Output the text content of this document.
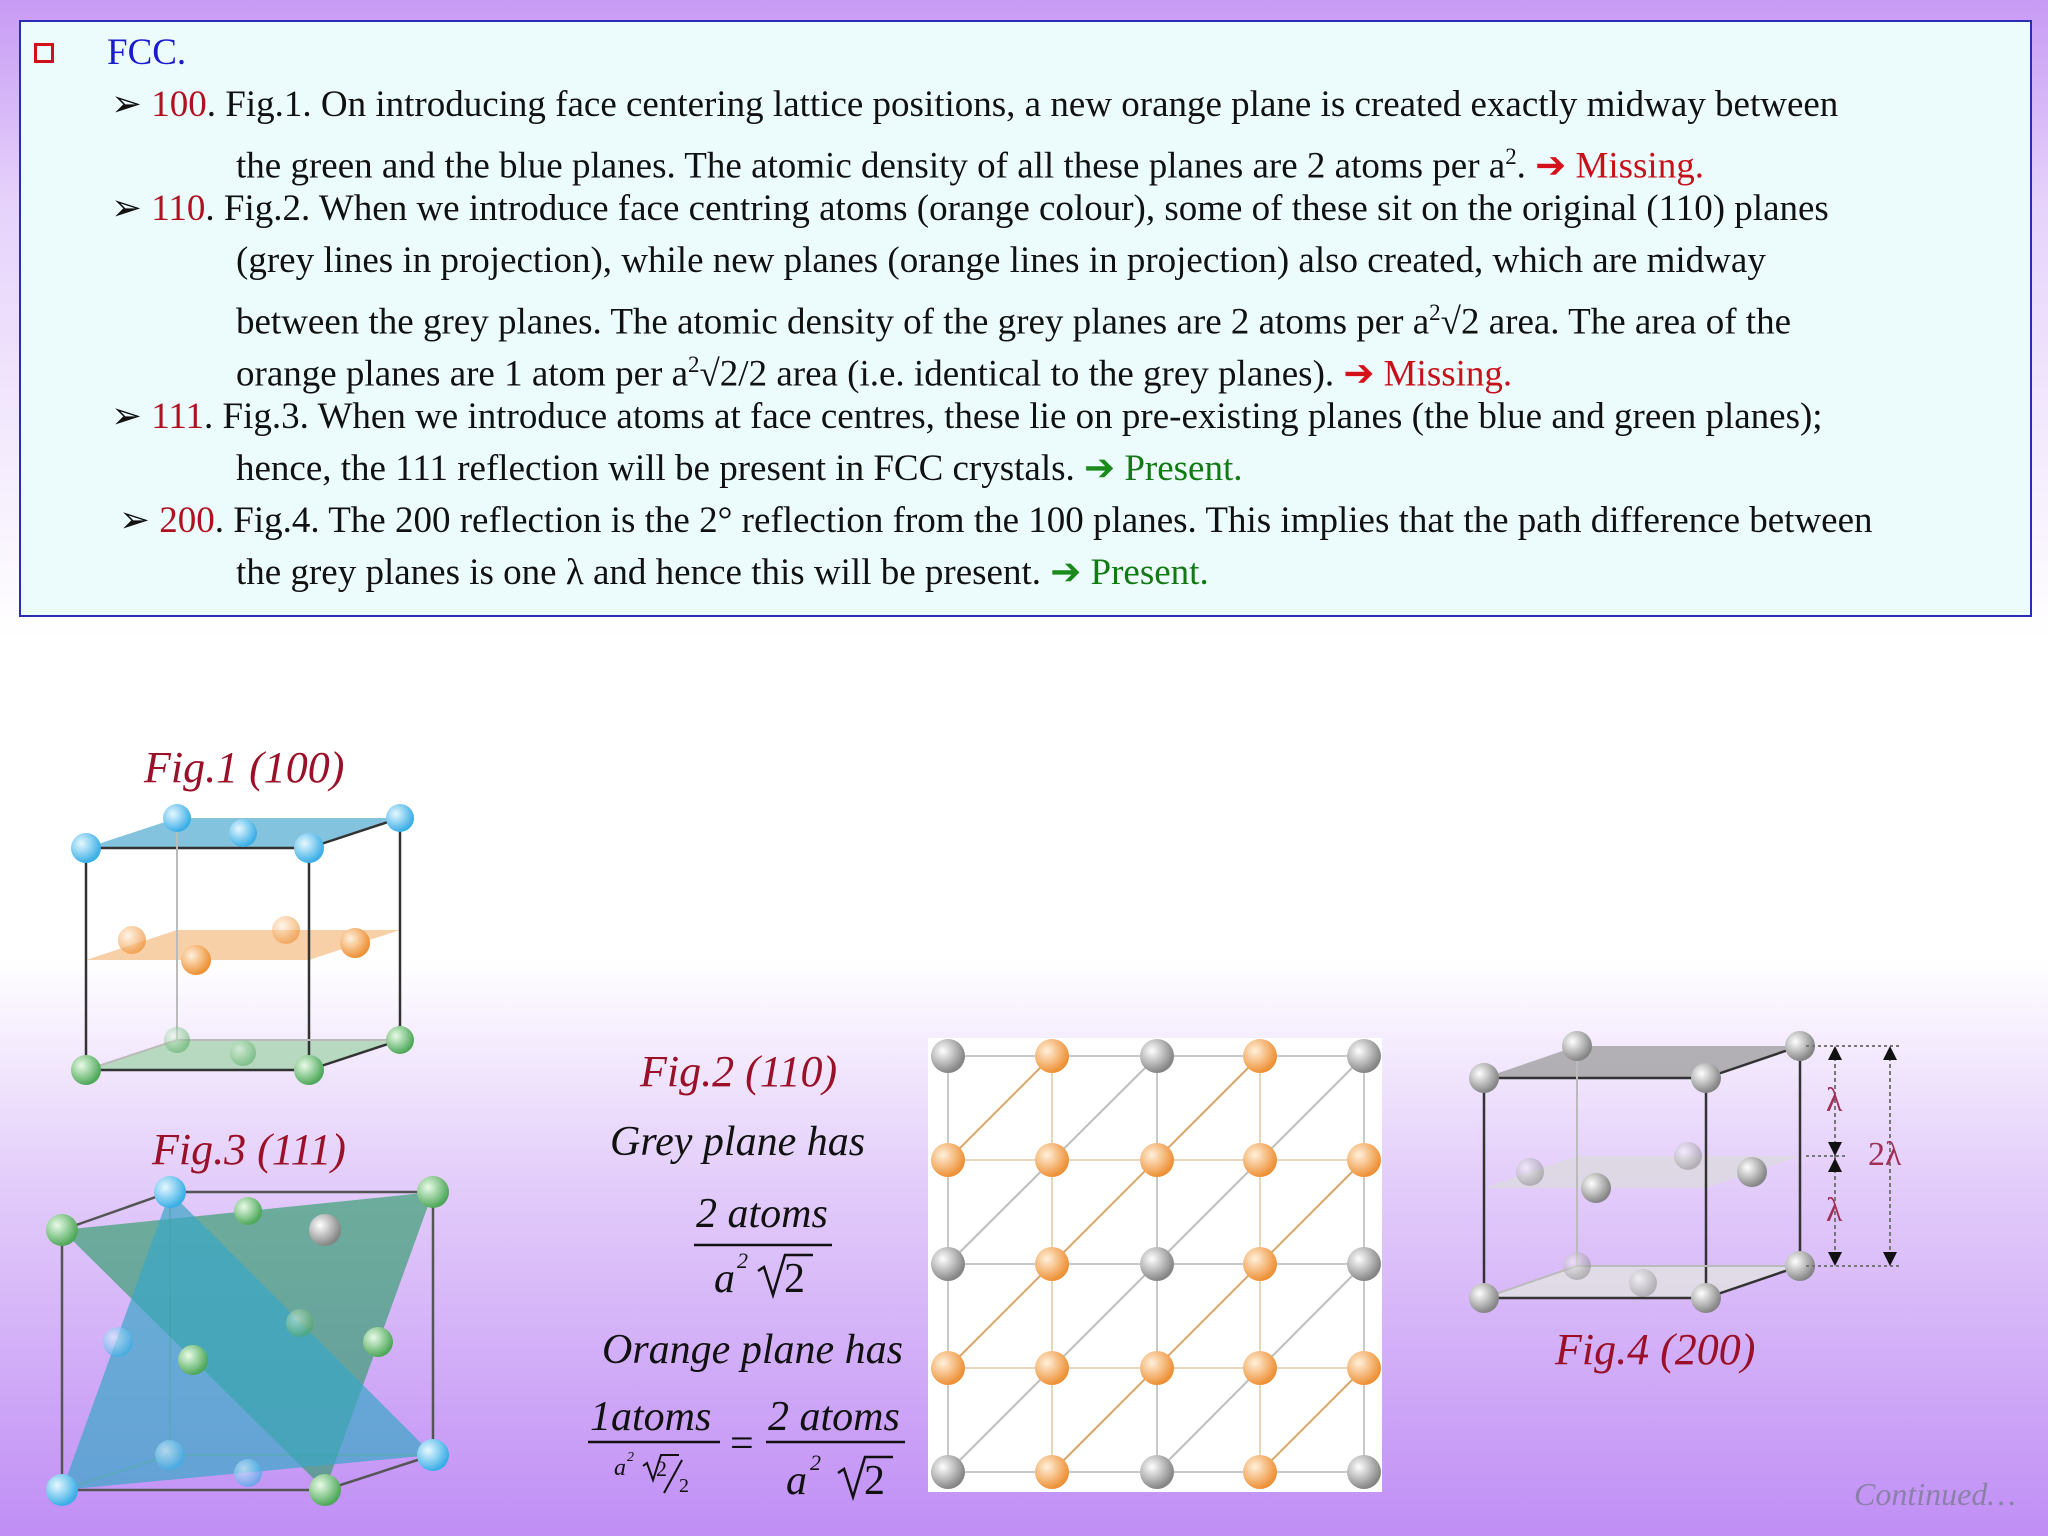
FCC.
➢ 100. Fig.1. On introducing face centering lattice positions, a new orange plane is created exactly midway between
the green and the blue planes. The atomic density of all these planes are 2 atoms per $a^2$. ➔ Missing.
➢ 110. Fig.2. When we introduce face centring atoms (orange colour), some of these sit on the original (110) planes
(grey lines in projection), while new planes (orange lines in projection) also created, which are midway
between the grey planes. The atomic density of the grey planes are 2 atoms per $a^2√2$ area. The area of the
orange planes are 1 atom per $a^2√2/2$ area (i.e. identical to the grey planes). ➔ Missing.
➢ 111. Fig.3. When we introduce atoms at face centres, these lie on pre-existing planes (the blue and green planes);
hence, the 111 reflection will be present in FCC crystals. ➔ Present.
➢ 200. Fig.4. The 200 reflection is the 2° reflection from the 100 planes. This implies that the path difference between
the grey planes is one λ and hence this will be present. ➔ Present.
Fig.1 (100)
Fig.3 (111)
Fig.2 (110)
Fig.4 (200)
Grey plane has
2 atoms
a 2 2
Orange plane has
1atoms
a 2 2
2
=
2 atoms
a 2 2
λ
λ
2λ
Continued…
